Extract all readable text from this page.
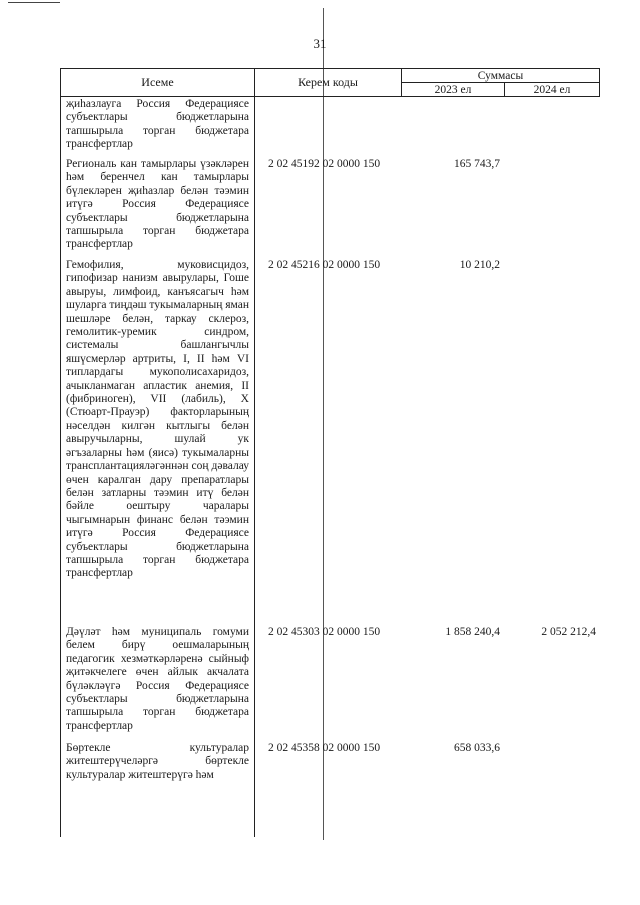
31
Исеме	Керем коды	Суммасы
2023 ел	2024 ел
җиhазлауга Россия Федерациясе субъектлары бюджетларына тапшырыла торган бюджетара трансфертлар
Региональ кан тамырлары үзәкләрен hәм беренчел кан тамырлары бүлекләрен җиhазлар белән тәэмин итүгә Россия Федерациясе субъектлары бюджетларына тапшырыла торган бюджетара трансфертлар
2 02 45192 02 0000 150	165 743,7
Гемофилия, муковисцидоз, гипофизар нанизм авырулары, Гоше авыруы, лимфоид, канъясагыч hәм шуларга тиңдәш тукымаларның яман шешләре белән, таркау склероз, гемолитик-уремик синдром, системалы башлангычлы яшүсмерләр артриты, I, II hәм VI типлардагы мукополисахаридоз, ачыкланмаган апластик анемия, II (фибриноген), VII (лабиль), X (Стюарт-Прауэр) факторларының нәселдән килгән кытлыгы белән авыручыларны, шулай ук әгъзаларны hәм (яисә) тукымаларны трансплантацияләгәннән соң дәвалау өчен каралган дару препаратлары белән затларны тәэмин итү белән бәйле оештыру чаралары чыгымнарын финанс белән тәэмин итүгә Россия Федерациясе субъектлары бюджетларына тапшырыла торган бюджетара трансфертлар
2 02 45216 02 0000 150	10 210,2
Дәүләт hәм муниципаль гомуми белем бирү оешмаларының педагогик хезмәткәрләренә сыйныф җитәкчелеге өчен айлык акчалата бүләкләүгә Россия Федерациясе субъектлары бюджетларына тапшырыла торган бюджетара трансфертлар
2 02 45303 02 0000 150	1 858 240,4	2 052 212,4
Бөртекле культуралар житештерүчеләргә бөртекле культуралар житештерүгә hәм
2 02 45358 02 0000 150	658 033,6
